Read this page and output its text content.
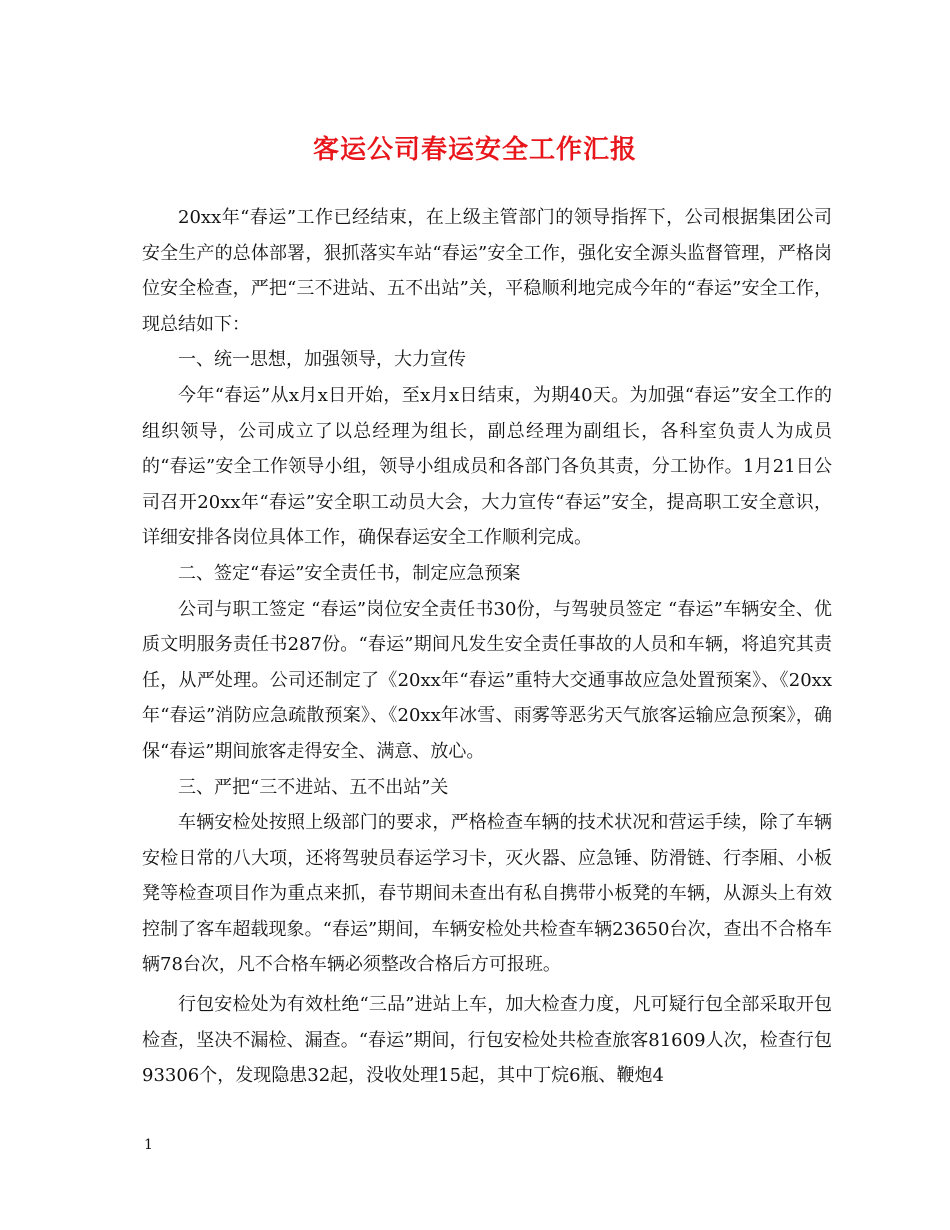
客运公司春运安全工作汇报

20xx年“春运”工作已经结束，在上级主管部门的领导指挥下，公司根据集团公司安全生产的总体部署，狠抓落实车站“春运”安全工作，强化安全源头监督管理，严格岗位安全检查，严把“三不进站、五不出站”关，平稳顺利地完成今年的“春运”安全工作，现总结如下：

一、统一思想，加强领导，大力宣传

今年“春运”从x月x日开始，至x月x日结束，为期40天。为加强“春运”安全工作的组织领导，公司成立了以总经理为组长，副总经理为副组长，各科室负责人为成员的“春运”安全工作领导小组，领导小组成员和各部门各负其责，分工协作。1月21日公司召开20xx年“春运”安全职工动员大会，大力宣传“春运”安全，提高职工安全意识，详细安排各岗位具体工作，确保春运安全工作顺利完成。

二、签定“春运”安全责任书，制定应急预案

公司与职工签定 “春运”岗位安全责任书30份，与驾驶员签定 “春运”车辆安全、优质文明服务责任书287份。“春运”期间凡发生安全责任事故的人员和车辆，将追究其责任，从严处理。公司还制定了《20xx年“春运”重特大交通事故应急处置预案》、《20xx年“春运”消防应急疏散预案》、《20xx年冰雪、雨雾等恶劣天气旅客运输应急预案》，确保“春运”期间旅客走得安全、满意、放心。

三、严把“三不进站、五不出站”关

车辆安检处按照上级部门的要求，严格检查车辆的技术状况和营运手续，除了车辆安检日常的八大项，还将驾驶员春运学习卡，灭火器、应急锤、防滑链、行李厢、小板凳等检查项目作为重点来抓，春节期间未查出有私自携带小板凳的车辆，从源头上有效控制了客车超载现象。“春运”期间，车辆安检处共检查车辆23650台次，查出不合格车辆78台次，凡不合格车辆必须整改合格后方可报班。

行包安检处为有效杜绝“三品”进站上车，加大检查力度，凡可疑行包全部采取开包检查，坚决不漏检、漏查。“春运”期间，行包安检处共检查旅客81609人次，检查行包93306个，发现隐患32起，没收处理15起，其中丁烷6瓶、鞭炮4

1
